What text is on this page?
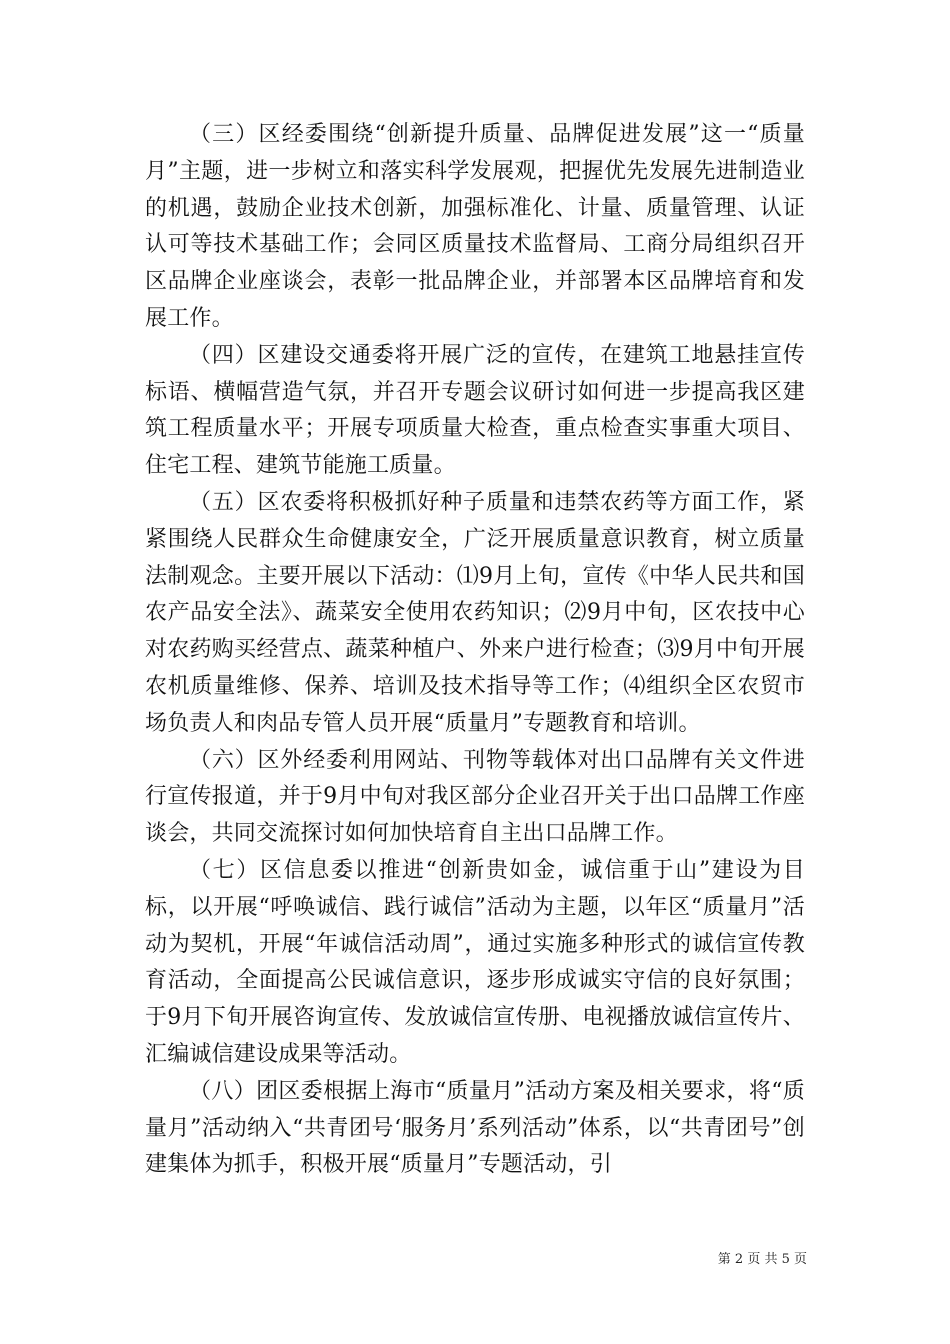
（三）区经委围绕“创新提升质量、品牌促进发展”这一“质量月”主题，进一步树立和落实科学发展观，把握优先发展先进制造业的机遇，鼓励企业技术创新，加强标准化、计量、质量管理、认证认可等技术基础工作；会同区质量技术监督局、工商分局组织召开区品牌企业座谈会，表彰一批品牌企业，并部署本区品牌培育和发展工作。

（四）区建设交通委将开展广泛的宣传，在建筑工地悬挂宣传标语、横幅营造气氛，并召开专题会议研讨如何进一步提高我区建筑工程质量水平；开展专项质量大检查，重点检查实事重大项目、住宅工程、建筑节能施工质量。

（五）区农委将积极抓好种子质量和违禁农药等方面工作，紧紧围绕人民群众生命健康安全，广泛开展质量意识教育，树立质量法制观念。主要开展以下活动：⑴9月上旬，宣传《中华人民共和国农产品安全法》、蔬菜安全使用农药知识；⑵9月中旬，区农技中心对农药购买经营点、蔬菜种植户、外来户进行检查；⑶9月中旬开展农机质量维修、保养、培训及技术指导等工作；⑷组织全区农贸市场负责人和肉品专管人员开展“质量月”专题教育和培训。

（六）区外经委利用网站、刊物等载体对出口品牌有关文件进行宣传报道，并于9月中旬对我区部分企业召开关于出口品牌工作座谈会，共同交流探讨如何加快培育自主出口品牌工作。

（七）区信息委以推进“创新贵如金，诚信重于山”建设为目标，以开展“呼唤诚信、践行诚信”活动为主题，以年区“质量月”活动为契机，开展“年诚信活动周”，通过实施多种形式的诚信宣传教育活动，全面提高公民诚信意识，逐步形成诚实守信的良好氛围；于9月下旬开展咨询宣传、发放诚信宣传册、电视播放诚信宣传片、汇编诚信建设成果等活动。

（八）团区委根据上海市“质量月”活动方案及相关要求，将“质量月”活动纳入“共青团号‘服务月’系列活动”体系，以“共青团号”创建集体为抓手，积极开展“质量月”专题活动，引

第 2 页 共 5 页
